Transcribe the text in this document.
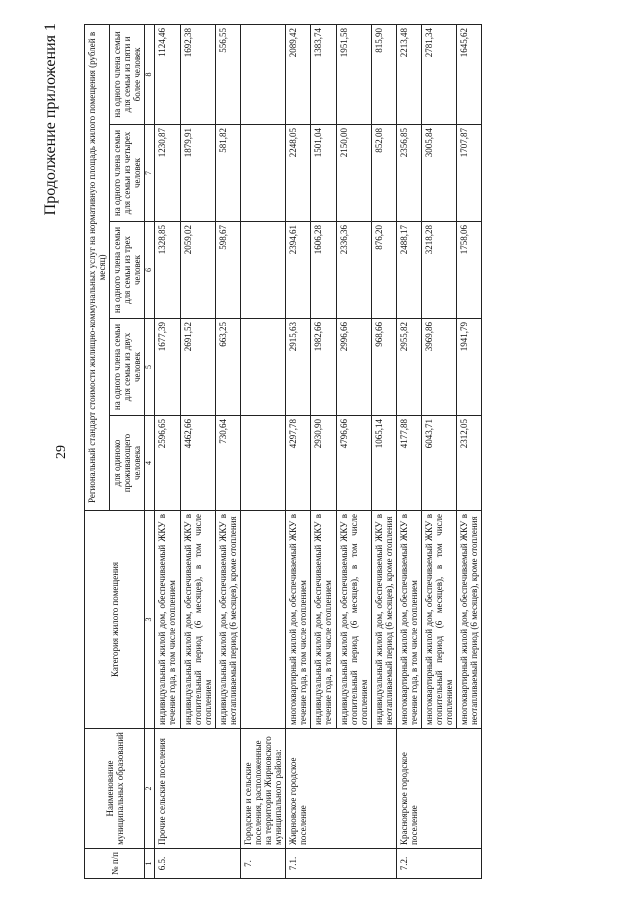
29
Продолжение приложения 1
№ п/п	Наименование муниципальных образований	Категория жилого помещения	Региональный стандарт стоимости жилищно-коммунальных услуг на нормативную площадь жилого помещения (рублей в месяц)				
			для одиноко проживающего человека	на одного члена семьи для семьи из двух человек	на одного члена семьи для семьи из трех человек	на одного члена семьи для семьи из четырех человек	на одного члена семьи для семьи из пяти и более человек
1	2	3	4	5	6	7	8
6.5.	Прочие сельские поселения	индивидуальный жилой дом, обеспечиваемый ЖКУ в течение года, в том числе отоплением	2596,65	1677,39	1328,85	1230,87	1124,46
		индивидуальный жилой дом, обеспечиваемый ЖКУ в отопительный период (6 месяцев), в том числе отоплением	4462,66	2691,52	2059,02	1879,91	1692,38
		индивидуальный жилой дом, обеспечиваемый ЖКУ в неотапливаемый период (6 месяцев), кроме отопления	730,64	663,25	598,67	581,82	556,55
7.	Городские и сельские поселения, расположенные на территории Жирновского муниципального района:						
7.1.	Жирновское городское поселение	многоквартирный жилой дом, обеспечиваемый ЖКУ в течение года, в том числе отоплением	4297,78	2915,63	2394,61	2248,05	2089,42
		индивидуальный жилой дом, обеспечиваемый ЖКУ в течение года, в том числе отоплением	2930,90	1982,66	1606,28	1501,04	1383,74
		индивидуальный жилой дом, обеспечиваемый ЖКУ в отопительный период (6 месяцев), в том числе отоплением	4796,66	2996,66	2336,36	2150,00	1951,58
		индивидуальный жилой дом, обеспечиваемый ЖКУ в неотапливаемый период (6 месяцев), кроме отопления	1065,14	968,66	876,20	852,08	815,90
7.2.	Красноярское городское поселение	многоквартирный жилой дом, обеспечиваемый ЖКУ в течение года, в том числе отоплением	4177,88	2955,82	2488,17	2356,85	2213,48
		многоквартирный жилой дом, обеспечиваемый ЖКУ в отопительный период (6 месяцев), в том числе отоплением	6043,71	3969,86	3218,28	3005,84	2781,34
		многоквартирный жилой дом, обеспечиваемый ЖКУ в неотапливаемый период (6 месяцев), кроме отопления	2312,05	1941,79	1758,06	1707,87	1645,62
